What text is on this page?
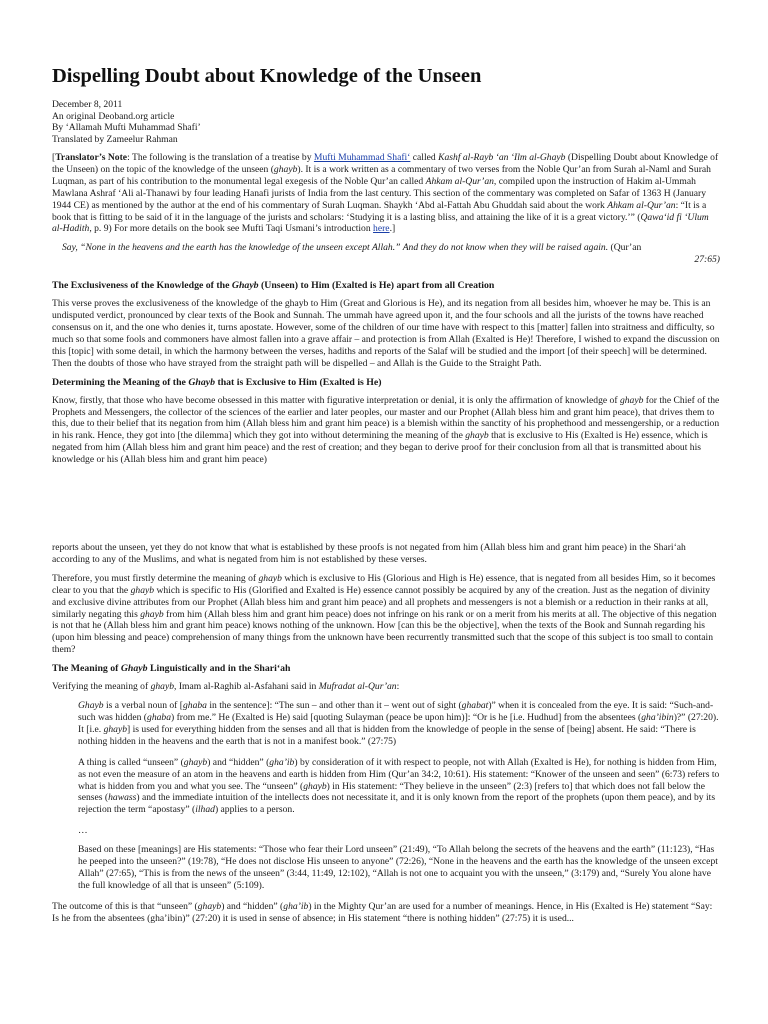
Dispelling Doubt about Knowledge of the Unseen
December 8, 2011
An original Deoband.org article
By ‘Allamah Mufti Muhammad Shafi’
Translated by Zameelur Rahman

[Translator’s Note: The following is the translation of a treatise by Mufti Muhammad Shafi‘ called Kashf al-Rayb ‘an ‘Ilm al-Ghayb (Dispelling Doubt about Knowledge of the Unseen) on the topic of the knowledge of the unseen (ghayb). It is a work written as a commentary of two verses from the Noble Qur’an from Surah al-Naml and Surah Luqman, as part of his contribution to the monumental legal exegesis of the Noble Qur’an called Ahkam al-Qur’an, compiled upon the instruction of Hakim al-Ummah Mawlana Ashraf ‘Ali al-Thanawi by four leading Hanafi jurists of India from the last century. This section of the commentary was completed on Safar of 1363 H (January 1944 CE) as mentioned by the author at the end of his commentary of Surah Luqman. Shaykh ‘Abd al-Fattah Abu Ghuddah said about the work Ahkam al-Qur’an: “It is a book that is fitting to be said of it in the language of the jurists and scholars: ‘Studying it is a lasting bliss, and attaining the like of it is a great victory.’” (Qawa‘id fi ‘Ulum al-Hadith, p. 9) For more details on the book see Mufti Taqi Usmani’s introduction here.]

Say, “None in the heavens and the earth has the knowledge of the unseen except Allah.” And they do not know when they will be raised again. (Qur’an
27:65)
The Exclusiveness of the Knowledge of the Ghayb (Unseen) to Him (Exalted is He) apart from all Creation

This verse proves the exclusiveness of the knowledge of the ghayb to Him (Great and Glorious is He), and its negation from all besides him, whoever he may be. This is an undisputed verdict, pronounced by clear texts of the Book and Sunnah. The ummah have agreed upon it, and the four schools and all the jurists of the towns have reached consensus on it, and the one who denies it, turns apostate. However, some of the children of our time have with respect to this [matter] fallen into straitness and difficulty, so much so that some fools and commoners have almost fallen into a grave affair – and protection is from Allah (Exalted is He)! Therefore, I wished to expand the discussion on this [topic] with some detail, in which the harmony between the verses, hadiths and reports of the Salaf will be studied and the import [of their speech] will be determined. Then the doubts of those who have strayed from the straight path will be dispelled – and Allah is the Guide to the Straight Path.

Determining the Meaning of the Ghayb that is Exclusive to Him (Exalted is He)

Know, firstly, that those who have become obsessed in this matter with figurative interpretation or denial, it is only the affirmation of knowledge of ghayb for the Chief of the Prophets and Messengers, the collector of the sciences of the earlier and later peoples, our master and our Prophet (Allah bless him and grant him peace), that drives them to this, due to their belief that its negation from him (Allah bless him and grant him peace) is a blemish within the sanctity of his prophethood and messengership, or a reduction in his rank. Hence, they got into [the dilemma] which they got into without determining the meaning of the ghayb that is exclusive to His (Exalted is He) essence, which is negated from him (Allah bless him and grant him peace) and the rest of creation; and they began to derive proof for their conclusion from all that is transmitted about his knowledge or his (Allah bless him and grant him peace)

reports about the unseen, yet they do not know that what is established by these proofs is not negated from him (Allah bless him and grant him peace) in the Shari‘ah according to any of the Muslims, and what is negated from him is not established by these verses.

Therefore, you must firstly determine the meaning of ghayb which is exclusive to His (Glorious and High is He) essence, that is negated from all besides Him, so it becomes clear to you that the ghayb which is specific to His (Glorified and Exalted is He) essence cannot possibly be acquired by any of the creation. Just as the negation of divinity and exclusive divine attributes from our Prophet (Allah bless him and grant him peace) and all prophets and messengers is not a blemish or a reduction in their ranks at all, similarly negating this ghayb from him (Allah bless him and grant him peace) does not infringe on his rank or on a merit from his merits at all. The objective of this negation is not that he (Allah bless him and grant him peace) knows nothing of the unknown. How [can this be the objective], when the texts of the Book and Sunnah regarding his (upon him blessing and peace) comprehension of many things from the unknown have been recurrently transmitted such that the scope of this subject is too small to contain them?

The Meaning of Ghayb Linguistically and in the Shari‘ah

Verifying the meaning of ghayb, Imam al-Raghib al-Asfahani said in Mufradat al-Qur’an:

Ghayb is a verbal noun of [ghaba in the sentence]: “The sun – and other than it – went out of sight (ghabat)” when it is concealed from the eye. It is said: “Such-and-such was hidden (ghaba) from me.” He (Exalted is He) said [quoting Sulayman (peace be upon him)]: “Or is he [i.e. Hudhud] from the absentees (gha’ibin)?” (27:20). It [i.e. ghayb] is used for everything hidden from the senses and all that is hidden from the knowledge of people in the sense of [being] absent. He said: “There is nothing hidden in the heavens and the earth that is not in a manifest book.” (27:75)

A thing is called “unseen” (ghayb) and “hidden” (gha’ib) by consideration of it with respect to people, not with Allah (Exalted is He), for nothing is hidden from Him, as not even the measure of an atom in the heavens and earth is hidden from Him (Qur’an 34:2, 10:61). His statement: “Knower of the unseen and seen” (6:73) refers to what is hidden from you and what you see. The “unseen” (ghayb) in His statement: “They believe in the unseen” (2:3) [refers to] that which does not fall below the senses (hawass) and the immediate intuition of the intellects does not necessitate it, and it is only known from the report of the prophets (upon them peace), and by its rejection the term “apostasy” (ilhad) applies to a person.

…

Based on these [meanings] are His statements: “Those who fear their Lord unseen” (21:49), “To Allah belong the secrets of the heavens and the earth” (11:123), “Has he peeped into the unseen?” (19:78), “He does not disclose His unseen to anyone” (72:26), “None in the heavens and the earth has the knowledge of the unseen except Allah” (27:65), “This is from the news of the unseen” (3:44, 11:49, 12:102), “Allah is not one to acquaint you with the unseen,” (3:179) and, “Surely You alone have the full knowledge of all that is unseen” (5:109).

The outcome of this is that “unseen” (ghayb) and “hidden” (gha’ib) in the Mighty Qur’an are used for a number of meanings. Hence, in His (Exalted is He) statement “Say: Is he from the absentees (gha’ibin)” (27:20) it is used in sense of absence; in His statement “there is nothing hidden” (27:75) it is used...
